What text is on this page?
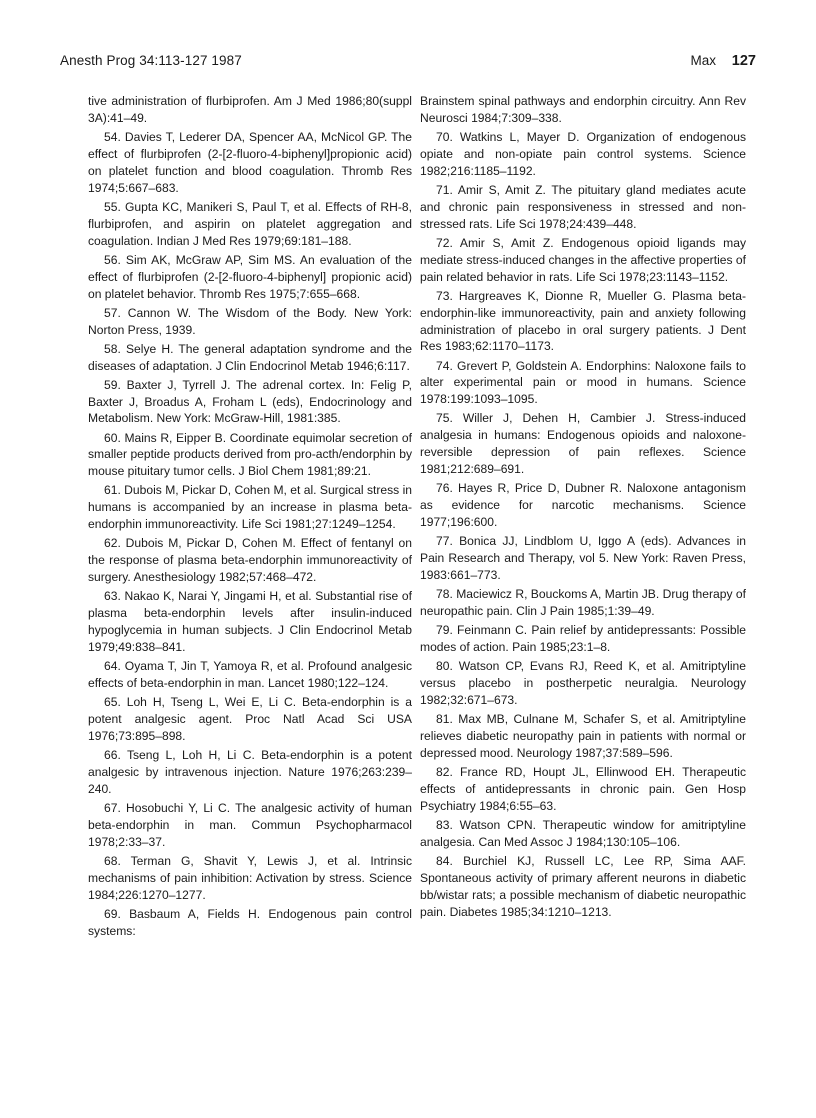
Anesth Prog 34:113-127 1987	Max 127

tive administration of flurbiprofen. Am J Med 1986;80(suppl 3A):41–49.

54. Davies T, Lederer DA, Spencer AA, McNicol GP. The effect of flurbiprofen (2-[2-fluoro-4-biphenyl]propionic acid) on platelet function and blood coagulation. Thromb Res 1974;5:667–683.

55. Gupta KC, Manikeri S, Paul T, et al. Effects of RH-8, flurbiprofen, and aspirin on platelet aggregation and coagulation. Indian J Med Res 1979;69:181–188.

56. Sim AK, McGraw AP, Sim MS. An evaluation of the effect of flurbiprofen (2-[2-fluoro-4-biphenyl] propionic acid) on platelet behavior. Thromb Res 1975;7:655–668.

57. Cannon W. The Wisdom of the Body. New York: Norton Press, 1939.

58. Selye H. The general adaptation syndrome and the diseases of adaptation. J Clin Endocrinol Metab 1946;6:117.

59. Baxter J, Tyrrell J. The adrenal cortex. In: Felig P, Baxter J, Broadus A, Froham L (eds), Endocrinology and Metabolism. New York: McGraw-Hill, 1981:385.

60. Mains R, Eipper B. Coordinate equimolar secretion of smaller peptide products derived from pro-acth/endorphin by mouse pituitary tumor cells. J Biol Chem 1981;89:21.

61. Dubois M, Pickar D, Cohen M, et al. Surgical stress in humans is accompanied by an increase in plasma beta-endorphin immunoreactivity. Life Sci 1981;27:1249–1254.

62. Dubois M, Pickar D, Cohen M. Effect of fentanyl on the response of plasma beta-endorphin immunoreactivity of surgery. Anesthesiology 1982;57:468–472.

63. Nakao K, Narai Y, Jingami H, et al. Substantial rise of plasma beta-endorphin levels after insulin-induced hypoglycemia in human subjects. J Clin Endocrinol Metab 1979;49:838–841.

64. Oyama T, Jin T, Yamoya R, et al. Profound analgesic effects of beta-endorphin in man. Lancet 1980;122–124.

65. Loh H, Tseng L, Wei E, Li C. Beta-endorphin is a potent analgesic agent. Proc Natl Acad Sci USA 1976;73:895–898.

66. Tseng L, Loh H, Li C. Beta-endorphin is a potent analgesic by intravenous injection. Nature 1976;263:239–240.

67. Hosobuchi Y, Li C. The analgesic activity of human beta-endorphin in man. Commun Psychopharmacol 1978;2:33–37.

68. Terman G, Shavit Y, Lewis J, et al. Intrinsic mechanisms of pain inhibition: Activation by stress. Science 1984;226:1270–1277.

69. Basbaum A, Fields H. Endogenous pain control systems:

Brainstem spinal pathways and endorphin circuitry. Ann Rev Neurosci 1984;7:309–338.

70. Watkins L, Mayer D. Organization of endogenous opiate and non-opiate pain control systems. Science 1982;216:1185–1192.

71. Amir S, Amit Z. The pituitary gland mediates acute and chronic pain responsiveness in stressed and non-stressed rats. Life Sci 1978;24:439–448.

72. Amir S, Amit Z. Endogenous opioid ligands may mediate stress-induced changes in the affective properties of pain related behavior in rats. Life Sci 1978;23:1143–1152.

73. Hargreaves K, Dionne R, Mueller G. Plasma beta-endorphin-like immunoreactivity, pain and anxiety following administration of placebo in oral surgery patients. J Dent Res 1983;62:1170–1173.

74. Grevert P, Goldstein A. Endorphins: Naloxone fails to alter experimental pain or mood in humans. Science 1978:199:1093–1095.

75. Willer J, Dehen H, Cambier J. Stress-induced analgesia in humans: Endogenous opioids and naloxone-reversible depression of pain reflexes. Science 1981;212:689–691.

76. Hayes R, Price D, Dubner R. Naloxone antagonism as evidence for narcotic mechanisms. Science 1977;196:600.

77. Bonica JJ, Lindblom U, Iggo A (eds). Advances in Pain Research and Therapy, vol 5. New York: Raven Press, 1983:661–773.

78. Maciewicz R, Bouckoms A, Martin JB. Drug therapy of neuropathic pain. Clin J Pain 1985;1:39–49.

79. Feinmann C. Pain relief by antidepressants: Possible modes of action. Pain 1985;23:1–8.

80. Watson CP, Evans RJ, Reed K, et al. Amitriptyline versus placebo in postherpetic neuralgia. Neurology 1982;32:671–673.

81. Max MB, Culnane M, Schafer S, et al. Amitriptyline relieves diabetic neuropathy pain in patients with normal or depressed mood. Neurology 1987;37:589–596.

82. France RD, Houpt JL, Ellinwood EH. Therapeutic effects of antidepressants in chronic pain. Gen Hosp Psychiatry 1984;6:55–63.

83. Watson CPN. Therapeutic window for amitriptyline analgesia. Can Med Assoc J 1984;130:105–106.

84. Burchiel KJ, Russell LC, Lee RP, Sima AAF. Spontaneous activity of primary afferent neurons in diabetic bb/wistar rats; a possible mechanism of diabetic neuropathic pain. Diabetes 1985;34:1210–1213.
